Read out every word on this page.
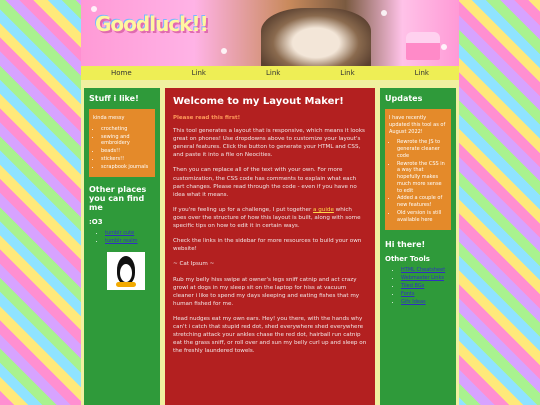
Goodluck!!
Home	Link	Link	Link	Link
Stuff i like!
kinda messy
• crocheting
• sewing and embroidery
• beads!!
• stickers!!
• scrapbook journals
Other places you can find me
:O3
• tumblr cute
• tumblr realm
Welcome to my Layout Maker!
Please read this first!

This tool generates a layout that is responsive, which means it looks great on phones! Use dropdowns above to customize your layout's general features. Click the button to generate your HTML and CSS, and paste it into a file on Neocities.

Then you can replace all of the text with your own. For more customization, the CSS code has comments to explain what each part changes. Please read through the code - even if you have no idea what it means.

If you're feeling up for a challenge, I put together a guide which goes over the structure of how this layout is built, along with some specific tips on how to edit it in certain ways.

Check the links in the sidebar for more resources to build your own website!

~ Cat Ipsum ~

Rub my belly hiss swipe at owner's legs sniff catnip and act crazy growl at dogs in my sleep sit on the laptop for hiss at vacuum cleaner i like to spend my days sleeping and eating fishes that my human fished for me.

Head nudges eat my own ears. Hey! you there, with the hands why can't i catch that stupid red dot, shed everywhere shed everywhere stretching attack your ankles chase the red dot, hairball run catnip eat the grass sniff, or roll over and sun my belly curl up and sleep on the freshly laundered towels.

Updates
I have recently updated this tool as of August 2022!
• Rewrote the JS to generate cleaner code
• Rewrote the CSS in a way that hopefully makes much more sense to edit
• Added a couple of new features!
• Old version is still available here
Hi there!
Other Tools
• HTML Cheatsheet
• Webmaster Links
• Tiled BGs
• Fonts
• Gifs Ideas
